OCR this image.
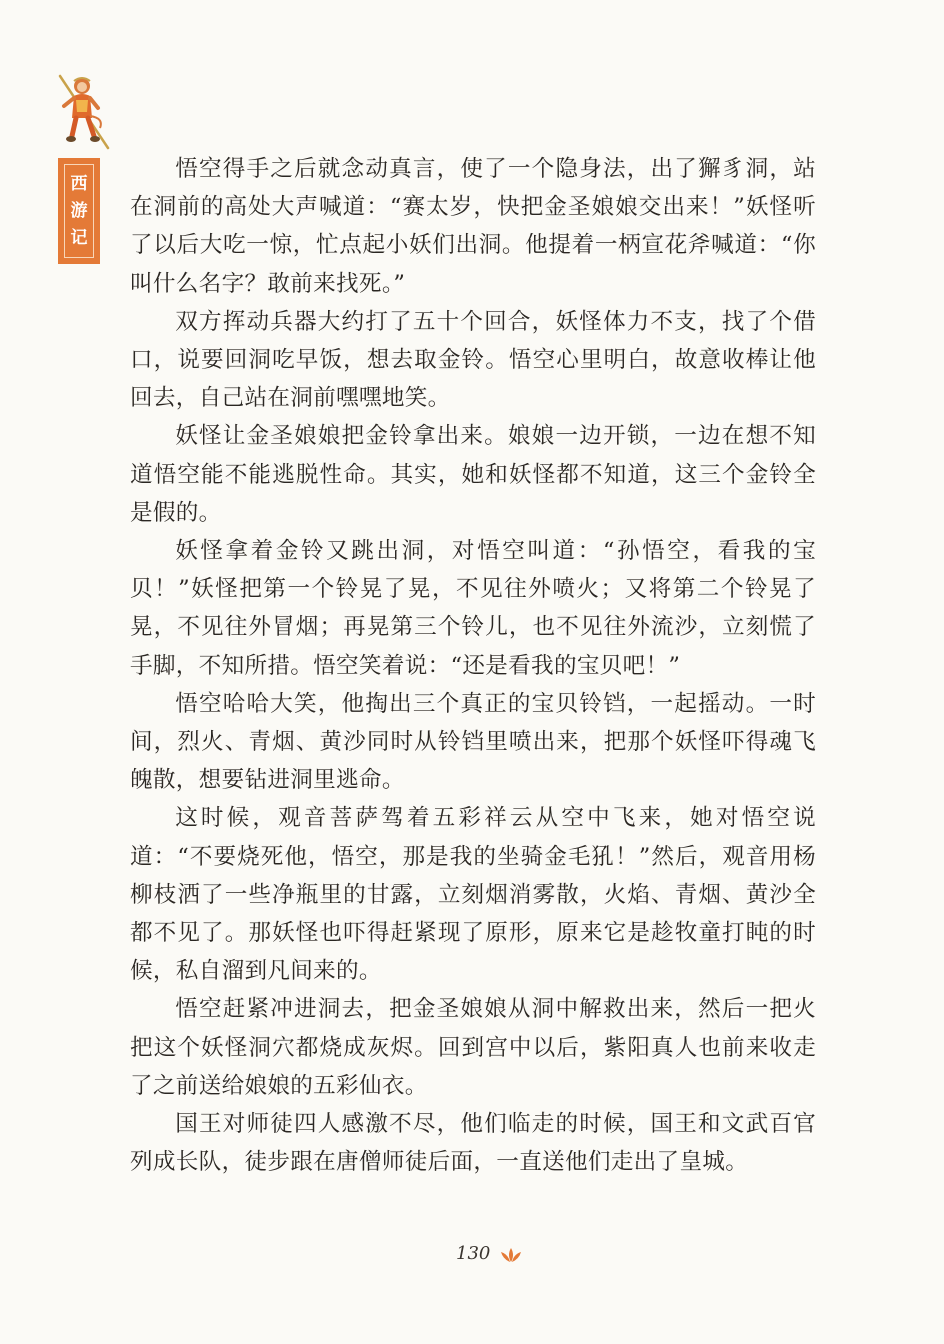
西
游
记

悟空得手之后就念动真言，使了一个隐身法，出了獬豸洞，站在洞前的高处大声喊道：“赛太岁，快把金圣娘娘交出来！”妖怪听了以后大吃一惊，忙点起小妖们出洞。他提着一柄宣花斧喊道：“你叫什么名字？敢前来找死。”

双方挥动兵器大约打了五十个回合，妖怪体力不支，找了个借口，说要回洞吃早饭，想去取金铃。悟空心里明白，故意收棒让他回去，自己站在洞前嘿嘿地笑。

妖怪让金圣娘娘把金铃拿出来。娘娘一边开锁，一边在想不知道悟空能不能逃脱性命。其实，她和妖怪都不知道，这三个金铃全是假的。

妖怪拿着金铃又跳出洞，对悟空叫道：“孙悟空，看我的宝贝！”妖怪把第一个铃晃了晃，不见往外喷火；又将第二个铃晃了晃，不见往外冒烟；再晃第三个铃儿，也不见往外流沙，立刻慌了手脚，不知所措。悟空笑着说：“还是看我的宝贝吧！”

悟空哈哈大笑，他掏出三个真正的宝贝铃铛，一起摇动。一时间，烈火、青烟、黄沙同时从铃铛里喷出来，把那个妖怪吓得魂飞魄散，想要钻进洞里逃命。

这时候，观音菩萨驾着五彩祥云从空中飞来，她对悟空说道：“不要烧死他，悟空，那是我的坐骑金毛犼！”然后，观音用杨柳枝洒了一些净瓶里的甘露，立刻烟消雾散，火焰、青烟、黄沙全都不见了。那妖怪也吓得赶紧现了原形，原来它是趁牧童打盹的时候，私自溜到凡间来的。

悟空赶紧冲进洞去，把金圣娘娘从洞中解救出来，然后一把火把这个妖怪洞穴都烧成灰烬。回到宫中以后，紫阳真人也前来收走了之前送给娘娘的五彩仙衣。

国王对师徒四人感激不尽，他们临走的时候，国王和文武百官列成长队，徒步跟在唐僧师徒后面，一直送他们走出了皇城。

130
